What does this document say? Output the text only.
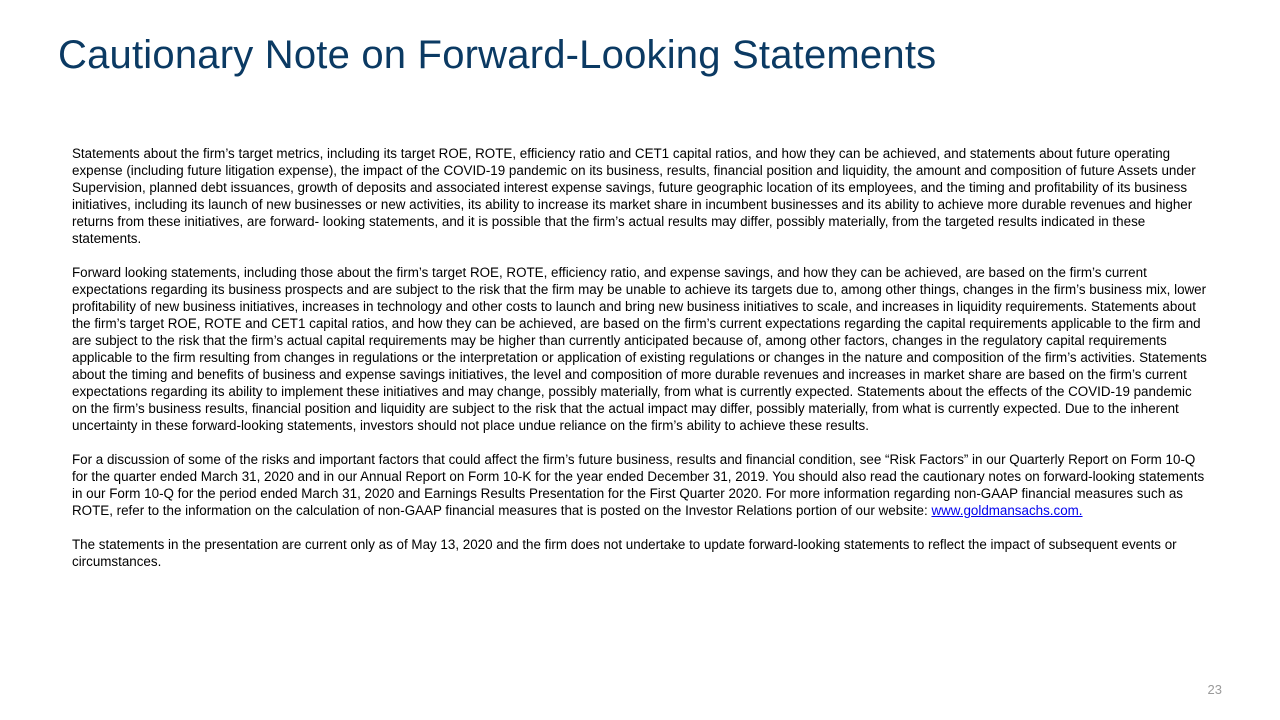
Cautionary Note on Forward-Looking Statements

Statements about the firm’s target metrics, including its target ROE, ROTE, efficiency ratio and CET1 capital ratios, and how they can be achieved, and statements about future operating expense (including future litigation expense), the impact of the COVID-19 pandemic on its business, results, financial position and liquidity, the amount and composition of future Assets under Supervision, planned debt issuances, growth of deposits and associated interest expense savings, future geographic location of its employees, and the timing and profitability of its business initiatives, including its launch of new businesses or new activities, its ability to increase its market share in incumbent businesses and its ability to achieve more durable revenues and higher returns from these initiatives, are forward- looking statements, and it is possible that the firm’s actual results may differ, possibly materially, from the targeted results indicated in these statements.

Forward looking statements, including those about the firm’s target ROE, ROTE, efficiency ratio, and expense savings, and how they can be achieved, are based on the firm’s current expectations regarding its business prospects and are subject to the risk that the firm may be unable to achieve its targets due to, among other things, changes in the firm’s business mix, lower profitability of new business initiatives, increases in technology and other costs to launch and bring new business initiatives to scale, and increases in liquidity requirements. Statements about the firm’s target ROE, ROTE and CET1 capital ratios, and how they can be achieved, are based on the firm’s current expectations regarding the capital requirements applicable to the firm and are subject to the risk that the firm’s actual capital requirements may be higher than currently anticipated because of, among other factors, changes in the regulatory capital requirements applicable to the firm resulting from changes in regulations or the interpretation or application of existing regulations or changes in the nature and composition of the firm’s activities. Statements about the timing and benefits of business and expense savings initiatives, the level and composition of more durable revenues and increases in market share are based on the firm’s current expectations regarding its ability to implement these initiatives and may change, possibly materially, from what is currently expected. Statements about the effects of the COVID-19 pandemic on the firm’s business results, financial position and liquidity are subject to the risk that the actual impact may differ, possibly materially, from what is currently expected. Due to the inherent uncertainty in these forward-looking statements, investors should not place undue reliance on the firm’s ability to achieve these results.

For a discussion of some of the risks and important factors that could affect the firm’s future business, results and financial condition, see “Risk Factors” in our Quarterly Report on Form 10-Q for the quarter ended March 31, 2020 and in our Annual Report on Form 10-K for the year ended December 31, 2019. You should also read the cautionary notes on forward-looking statements in our Form 10-Q for the period ended March 31, 2020 and Earnings Results Presentation for the First Quarter 2020. For more information regarding non-GAAP financial measures such as ROTE, refer to the information on the calculation of non-GAAP financial measures that is posted on the Investor Relations portion of our website: www.goldmansachs.com.

The statements in the presentation are current only as of May 13, 2020 and the firm does not undertake to update forward-looking statements to reflect the impact of subsequent events or circumstances.

23
